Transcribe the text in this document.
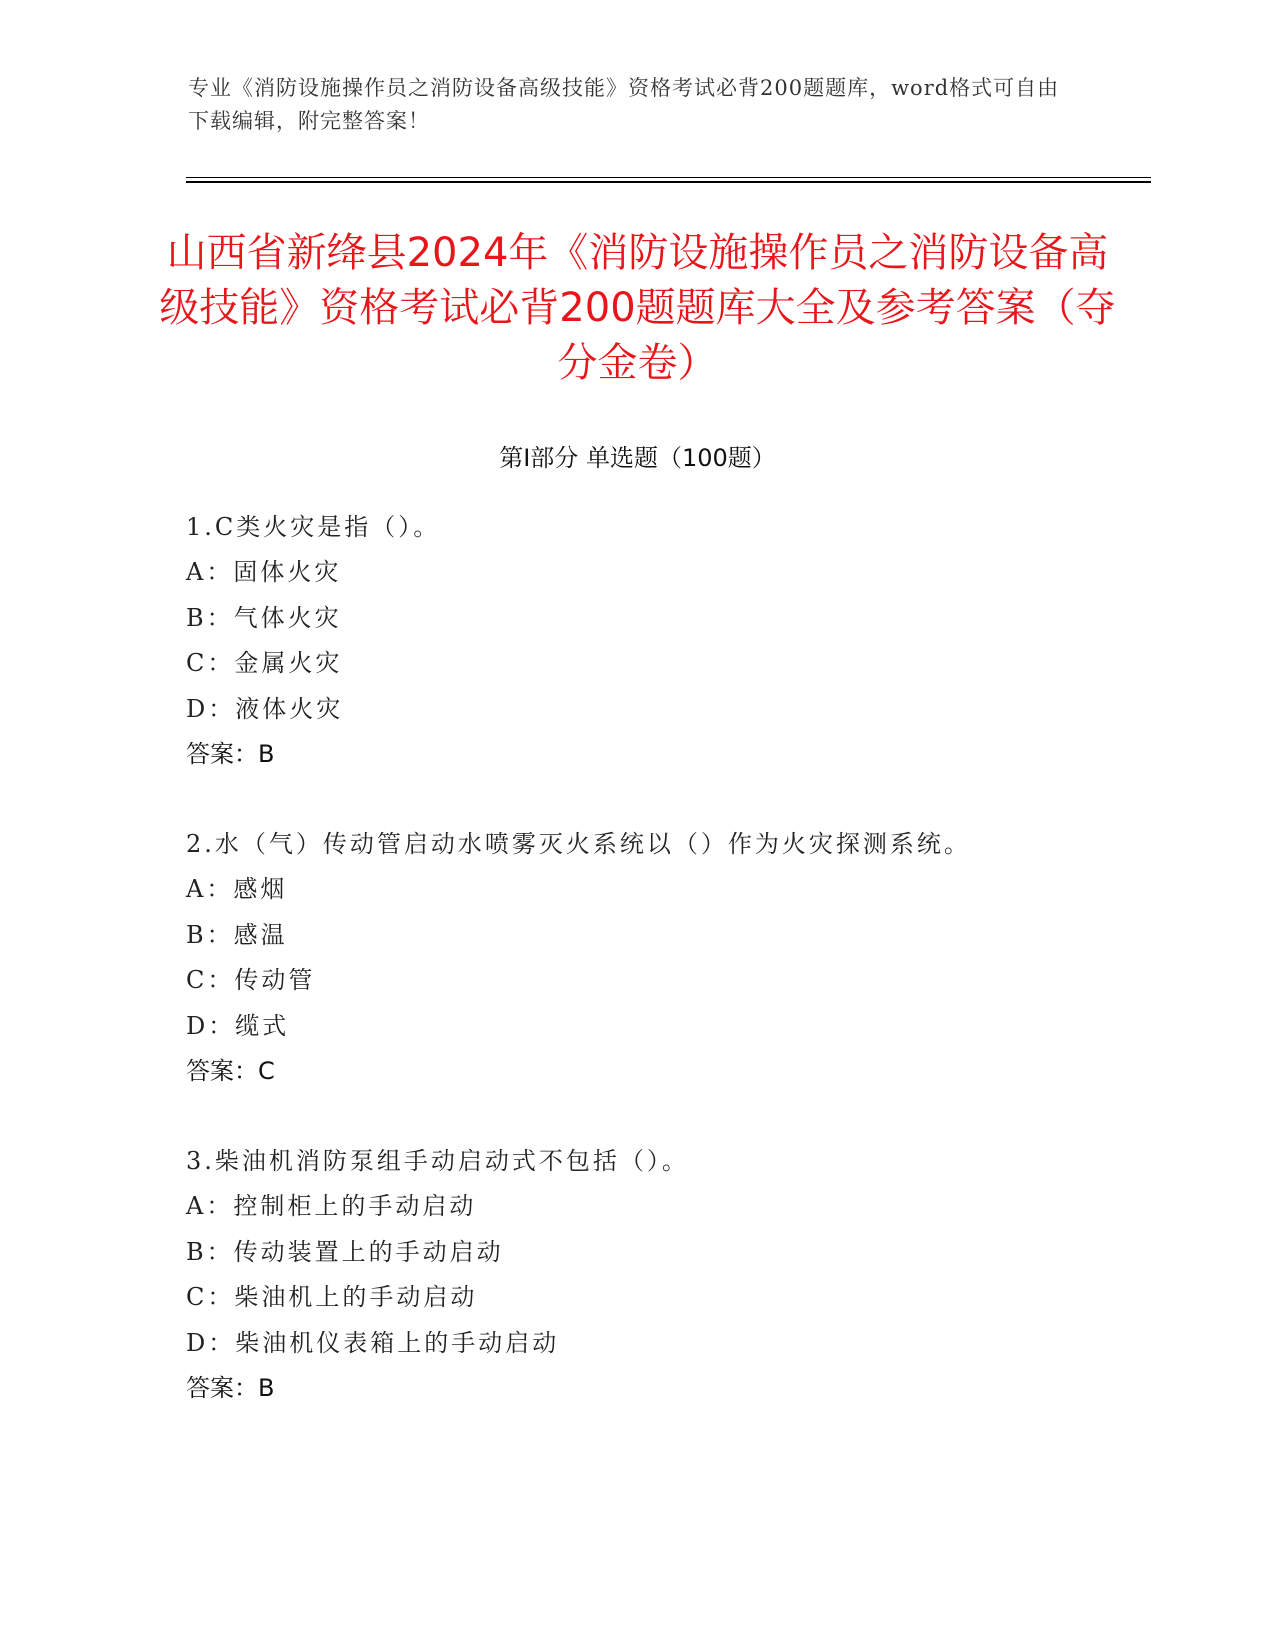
专业《消防设施操作员之消防设备高级技能》资格考试必背200题题库，word格式可自由下载编辑，附完整答案！
山西省新绛县2024年《消防设施操作员之消防设备高级技能》资格考试必背200题题库大全及参考答案（夺分金卷）
第Ⅰ部分 单选题（100题）
1.C类火灾是指（）。
A：固体火灾
B：气体火灾
C：金属火灾
D：液体火灾
答案：B
2.水（气）传动管启动水喷雾灭火系统以（）作为火灾探测系统。
A：感烟
B：感温
C：传动管
D：缆式
答案：C
3.柴油机消防泵组手动启动式不包括（）。
A：控制柜上的手动启动
B：传动装置上的手动启动
C：柴油机上的手动启动
D：柴油机仪表箱上的手动启动
答案：B
